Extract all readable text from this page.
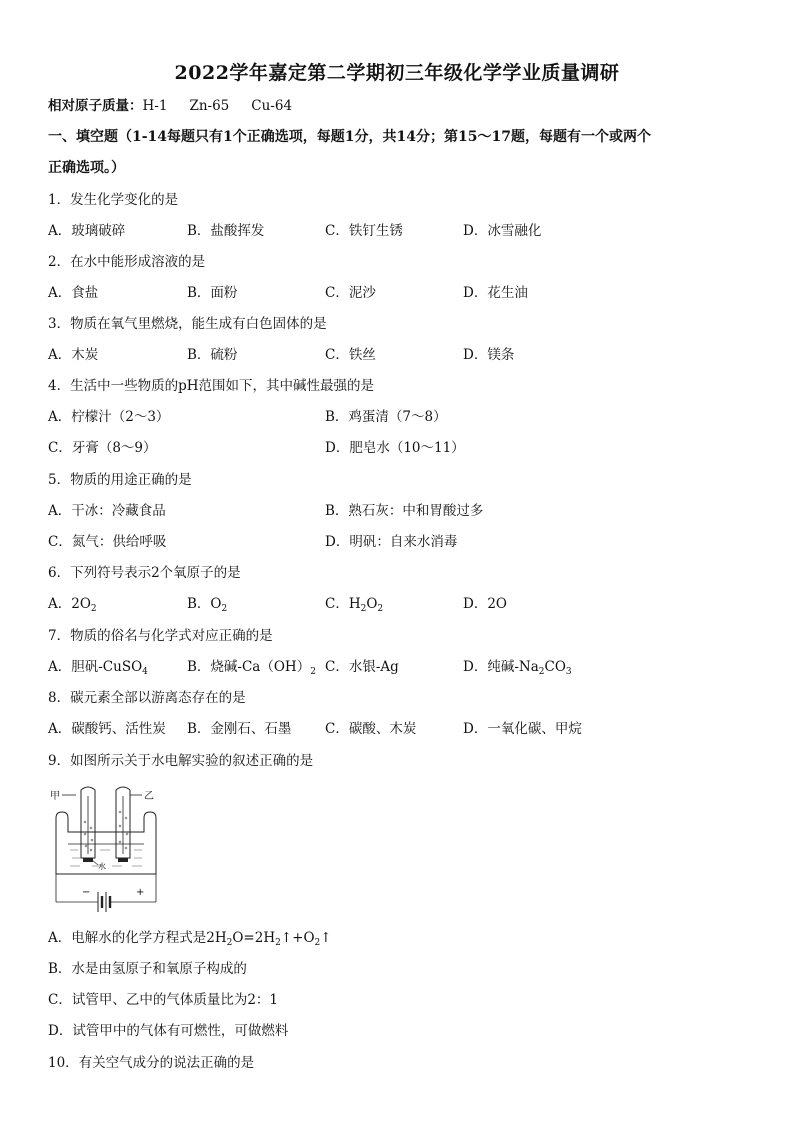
2022学年嘉定第二学期初三年级化学学业质量调研
相对原子质量：H-1 Zn-65 Cu-64
一、填空题（1-14每题只有1个正确选项，每题1分，共14分；第15～17题，每题有一个或两个
正确选项。）
1．发生化学变化的是
A．玻璃破碎	B．盐酸挥发	C．铁钉生锈	D．冰雪融化
2．在水中能形成溶液的是
A．食盐	B．面粉	C．泥沙	D．花生油
3．物质在氧气里燃烧，能生成有白色固体的是
A．木炭	B．硫粉	C．铁丝	D．镁条
4．生活中一些物质的pH范围如下，其中碱性最强的是
A．柠檬汁（2～3）	B．鸡蛋清（7～8）
C．牙膏（8～9）	D．肥皂水（10～11）
5．物质的用途正确的是
A．干冰：冷藏食品	B．熟石灰：中和胃酸过多
C．氮气：供给呼吸	D．明矾：自来水消毒
6．下列符号表示2个氧原子的是
A．$2O_2$	B．$O_2$	C．$H_2O_2$	D．2O
7．物质的俗名与化学式对应正确的是
A．胆矾-CuSO$_4$	B．烧碱$-Ca(OH)_2$ C．水银-Ag	D．纯碱$-Na_2CO_3$
8．碳元素全部以游离态存在的是
A．碳酸钙、活性炭 B．金刚石、石墨 C．碳酸、木炭	D．一氧化碳、甲烷
9．如图所示关于水电解实验的叙述正确的是
甲	乙
水
−	+
A．电解水的化学方程式是$2H_2O=2H_2↑+O_2↑$
B．水是由氢原子和氧原子构成的
C．试管甲、乙中的气体质量比为2：1
D．试管甲中的气体有可燃性，可做燃料
10．有关空气成分的说法正确的是
